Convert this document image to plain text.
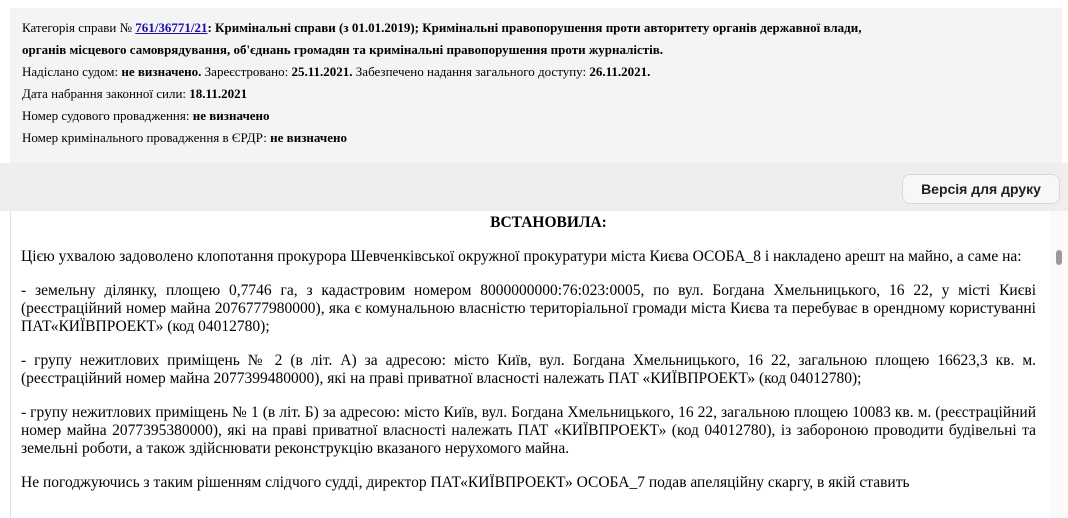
Категорія справи № 761/36771/21: Кримінальні справи (з 01.01.2019); Кримінальні правопорушення проти авторитету органів державної влади,
органів місцевого самоврядування, об'єднань громадян та кримінальні правопорушення проти журналістів.
Надіслано судом: не визначено. Зареєстровано: 25.11.2021. Забезпечено надання загального доступу: 26.11.2021.
Дата набрання законної сили: 18.11.2021
Номер судового провадження: не визначено
Номер кримінального провадження в ЄРДР: не визначено
Версія для друку
ВСТАНОВИЛА:

Цією ухвалою задоволено клопотання прокурора Шевченківської окружної прокуратури міста Києва ОСОБА_8 і накладено арешт на майно, а саме на:

- земельну ділянку, площею 0,7746 га, з кадастровим номером 8000000000:76:023:0005, по вул. Богдана Хмельницького, 16 22, у місті Києві (реєстраційний номер майна 2076777980000), яка є комунальною власністю територіальної громади міста Києва та перебуває в орендному користуванні ПАТ«КИЇВПРОЕКТ» (код 04012780);

- групу нежитлових приміщень № 2 (в літ. А) за адресою: місто Київ, вул. Богдана Хмельницького, 16 22, загальною площею 16623,3 кв. м. (реєстраційний номер майна 2077399480000), які на праві приватної власності належать ПАТ «КИЇВПРОЕКТ» (код 04012780);

- групу нежитлових приміщень № 1 (в літ. Б) за адресою: місто Київ, вул. Богдана Хмельницького, 16 22, загальною площею 10083 кв. м. (реєстраційний номер майна 2077395380000), які на праві приватної власності належать ПАТ «КИЇВПРОЕКТ» (код 04012780), із забороною проводити будівельні та земельні роботи, а також здійснювати реконструкцію вказаного нерухомого майна.

Не погоджуючись з таким рішенням слідчого судді, директор ПАТ«КИЇВПРОЕКТ» ОСОБА_7 подав апеляційну скаргу, в якій ставить
